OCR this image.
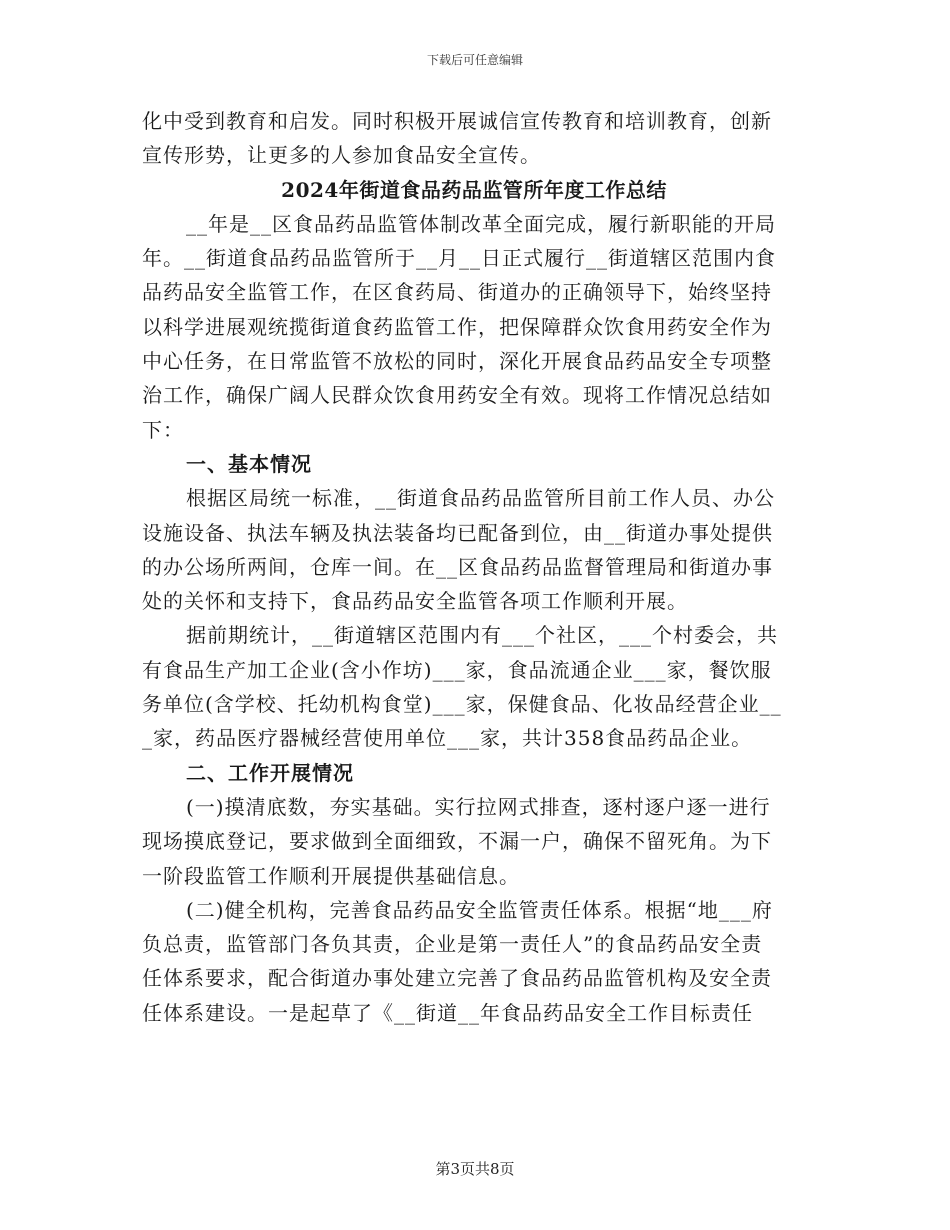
下载后可任意编辑
化中受到教育和启发。同时积极开展诚信宣传教育和培训教育，创新
宣传形势，让更多的人参加食品安全宣传。
2024年街道食品药品监管所年度工作总结
__年是__区食品药品监管体制改革全面完成，履行新职能的开局
年。__街道食品药品监管所于__月__日正式履行__街道辖区范围内食
品药品安全监管工作，在区食药局、街道办的正确领导下，始终坚持
以科学进展观统揽街道食药监管工作，把保障群众饮食用药安全作为
中心任务，在日常监管不放松的同时，深化开展食品药品安全专项整
治工作，确保广阔人民群众饮食用药安全有效。现将工作情况总结如
下：
一、基本情况
根据区局统一标准，__街道食品药品监管所目前工作人员、办公
设施设备、执法车辆及执法装备均已配备到位，由__街道办事处提供
的办公场所两间，仓库一间。在__区食品药品监督管理局和街道办事
处的关怀和支持下，食品药品安全监管各项工作顺利开展。
据前期统计，__街道辖区范围内有___个社区，___个村委会，共
有食品生产加工企业(含小作坊)___家，食品流通企业___家，餐饮服
务单位(含学校、托幼机构食堂)___家，保健食品、化妆品经营企业__
_家，药品医疗器械经营使用单位___家，共计358食品药品企业。
二、工作开展情况
(一)摸清底数，夯实基础。实行拉网式排查，逐村逐户逐一进行
现场摸底登记，要求做到全面细致，不漏一户，确保不留死角。为下
一阶段监管工作顺利开展提供基础信息。
(二)健全机构，完善食品药品安全监管责任体系。根据“地___府
负总责，监管部门各负其责，企业是第一责任人”的食品药品安全责
任体系要求，配合街道办事处建立完善了食品药品监管机构及安全责
任体系建设。一是起草了《__街道__年食品药品安全工作目标责任
第3页共8页
